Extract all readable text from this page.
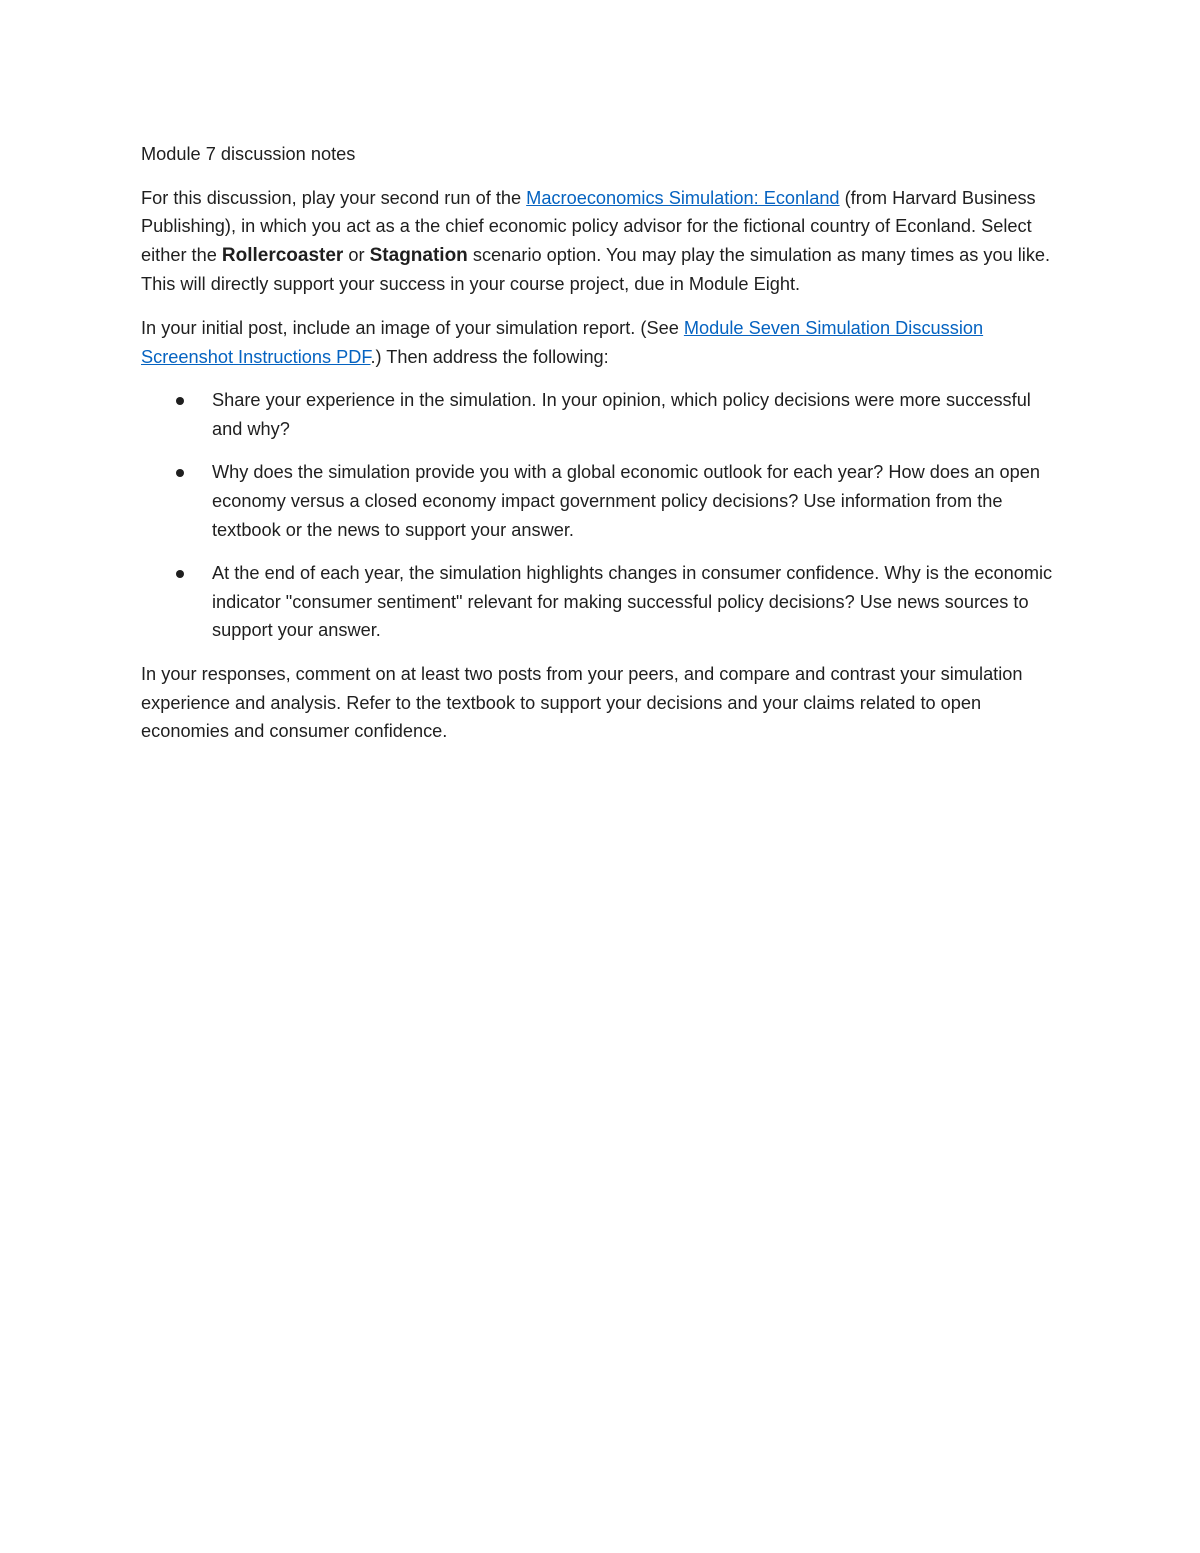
Module 7 discussion notes

For this discussion, play your second run of the Macroeconomics Simulation: Econland (from Harvard Business Publishing), in which you act as a the chief economic policy advisor for the fictional country of Econland. Select either the Rollercoaster or Stagnation scenario option. You may play the simulation as many times as you like. This will directly support your success in your course project, due in Module Eight.

In your initial post, include an image of your simulation report. (See Module Seven Simulation Discussion Screenshot Instructions PDF.) Then address the following:

Share your experience in the simulation. In your opinion, which policy decisions were more successful and why?
Why does the simulation provide you with a global economic outlook for each year? How does an open economy versus a closed economy impact government policy decisions? Use information from the textbook or the news to support your answer.
At the end of each year, the simulation highlights changes in consumer confidence. Why is the economic indicator "consumer sentiment" relevant for making successful policy decisions? Use news sources to support your answer.

In your responses, comment on at least two posts from your peers, and compare and contrast your simulation experience and analysis. Refer to the textbook to support your decisions and your claims related to open economies and consumer confidence.
